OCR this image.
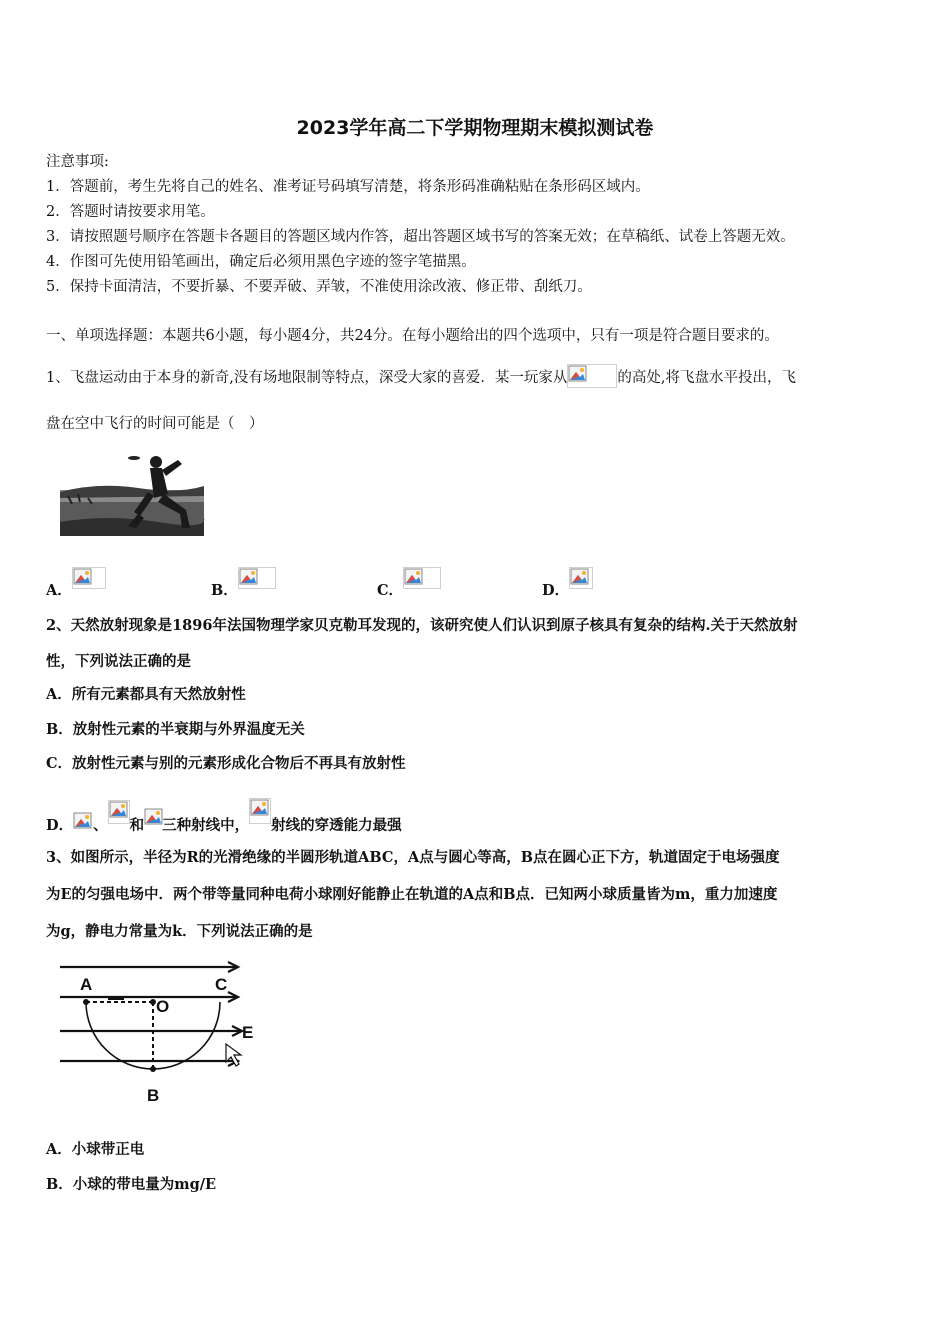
2023学年高二下学期物理期末模拟测试卷
注意事项:
1．答题前，考生先将自己的姓名、准考证号码填写清楚，将条形码准确粘贴在条形码区域内。
2．答题时请按要求用笔。
3．请按照题号顺序在答题卡各题目的答题区域内作答，超出答题区域书写的答案无效；在草稿纸、试卷上答题无效。
4．作图可先使用铅笔画出，确定后必须用黑色字迹的签字笔描黑。
5．保持卡面清洁，不要折暴、不要弄破、弄皱，不准使用涂改液、修正带、刮纸刀。
一、单项选择题：本题共6小题，每小题4分，共24分。在每小题给出的四个选项中，只有一项是符合题目要求的。
1、飞盘运动由于本身的新奇,没有场地限制等特点，深受大家的喜爱．某一玩家从	的高处,将飞盘水平投出，飞
盘在空中飞行的时间可能是（　）
A．	B．	C．	D．
2、天然放射现象是1896年法国物理学家贝克勒耳发现的，该研究使人们认识到原子核具有复杂的结构.关于天然放射
性，下列说法正确的是
A．所有元素都具有天然放射性
B．放射性元素的半衰期与外界温度无关
C．放射性元素与别的元素形成化合物后不再具有放射性
D． 、 和 三种射线中， 射线的穿透能力最强
3、如图所示，半径为R的光滑绝缘的半圆形轨道ABC，A点与圆心等高，B点在圆心正下方，轨道固定于电场强度
为E的匀强电场中．两个带等量同种电荷小球刚好能静止在轨道的A点和B点．已知两小球质量皆为m，重力加速度
为g，静电力常量为k．下列说法正确的是
A	C
O
E
B
A．小球带正电
B．小球的带电量为mg/E
